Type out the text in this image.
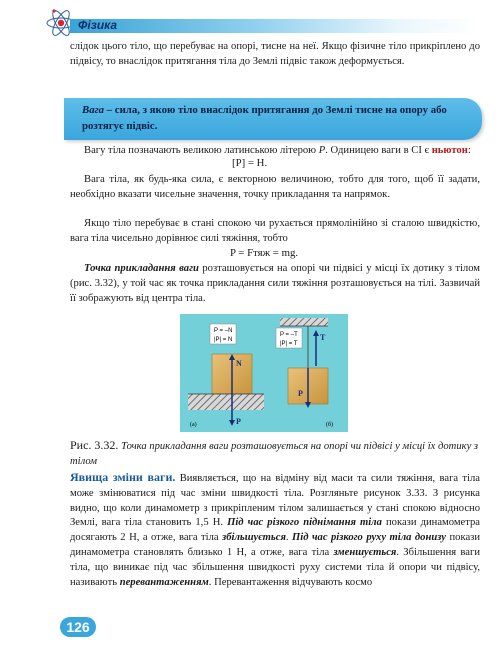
Фізика

слідок цього тіло, що перебуває на опорі, тисне на неї. Якщо фізичне тіло прикріплено до підвісу, то внаслідок притягання тіла до Землі підвіс також деформується.

Вага – сила, з якою тіло внаслідок притягання до Землі тисне на опору або розтягує підвіс.

Вагу тіла позначають великою латинською літерою P. Одиницею ваги в СІ є ньютон:

[P] = H.

Вага тіла, як будь-яка сила, є векторною величиною, тобто для того, щоб її задати, необхідно вказати чисельне значення, точку прикладання та напрямок.

Якщо тіло перебуває в стані спокою чи рухається прямолінійно зі сталою швидкістю, вага тіла чисельно дорівнює силі тяжіння, тобто

P = Fтяж = mg.

Точка прикладання ваги розташовується на опорі чи підвісі у місці їх дотику з тілом (рис. 3.32), у той час як точка прикладання сили тяжіння розташовується на тілі. Зазвичай її зображують від центра тіла.

P = –N
|P| = N
N
P
(а)
P = –T
|P| = T
T
P
(б)

Рис. 3.32. Точка прикладання ваги розташовується на опорі чи підвісі у місці їх дотику з тілом

Явища зміни ваги. Виявляється, що на відміну від маси та сили тяжіння, вага тіла може змінюватися під час зміни швидкості тіла. Розгляньте рисунок 3.33. З рисунка видно, що коли динамометр з прикріпленим тілом залишається у стані спокою відносно Землі, вага тіла становить 1,5 Н. Під час різкого піднімання тіла покази динамометра досягають 2 Н, а отже, вага тіла збільшується. Під час різкого руху тіла донизу покази динамометра становлять близько 1 Н, а отже, вага тіла зменшується. Збільшення ваги тіла, що виникає під час збільшення швидкості руху системи тіла й опори чи підвісу, називають перевантаженням. Перевантаження відчувають космо

126
